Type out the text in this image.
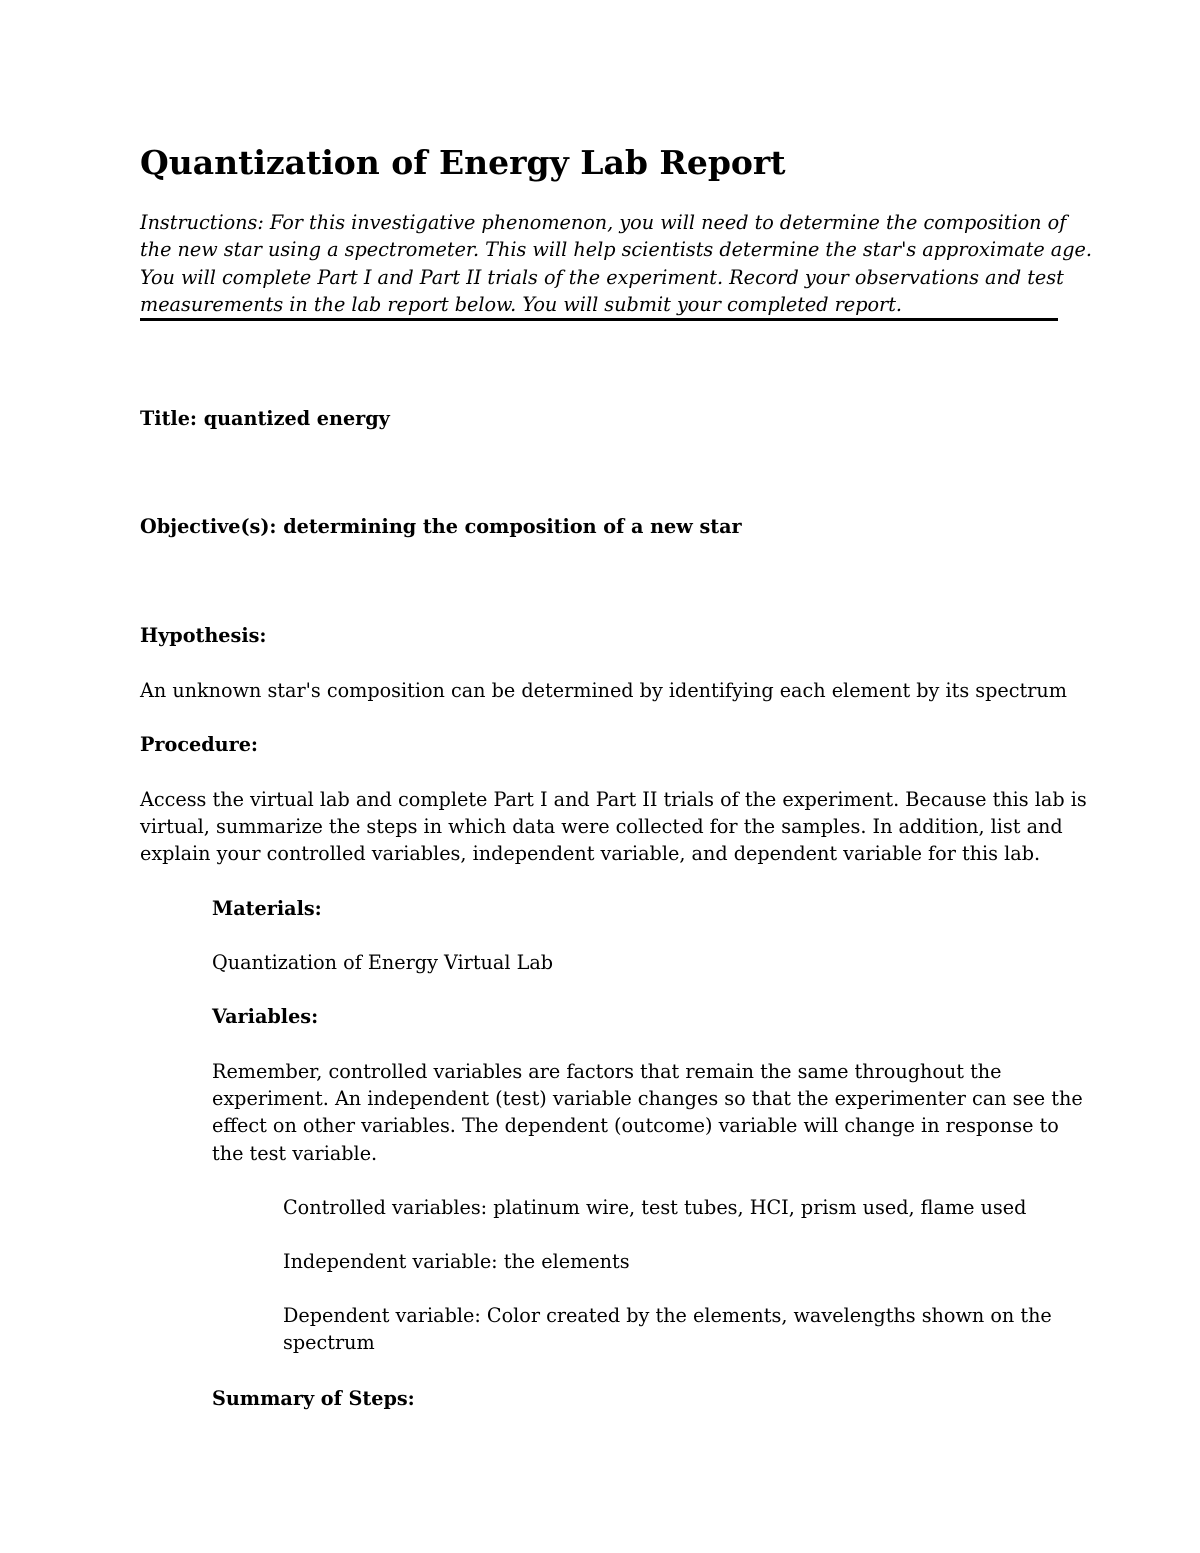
Quantization of Energy Lab Report
Instructions: For this investigative phenomenon, you will need to determine the composition of
the new star using a spectrometer. This will help scientists determine the star's approximate age.
You will complete Part I and Part II trials of the experiment. Record your observations and test
measurements in the lab report below. You will submit your completed report.

Title: quantized energy

Objective(s): determining the composition of a new star

Hypothesis:

An unknown star's composition can be determined by identifying each element by its spectrum

Procedure:

Access the virtual lab and complete Part I and Part II trials of the experiment. Because this lab is
virtual, summarize the steps in which data were collected for the samples. In addition, list and
explain your controlled variables, independent variable, and dependent variable for this lab.

Materials:

Quantization of Energy Virtual Lab

Variables:

Remember, controlled variables are factors that remain the same throughout the
experiment. An independent (test) variable changes so that the experimenter can see the
effect on other variables. The dependent (outcome) variable will change in response to
the test variable.

Controlled variables: platinum wire, test tubes, HCI, prism used, flame used

Independent variable: the elements

Dependent variable: Color created by the elements, wavelengths shown on the
spectrum

Summary of Steps:
